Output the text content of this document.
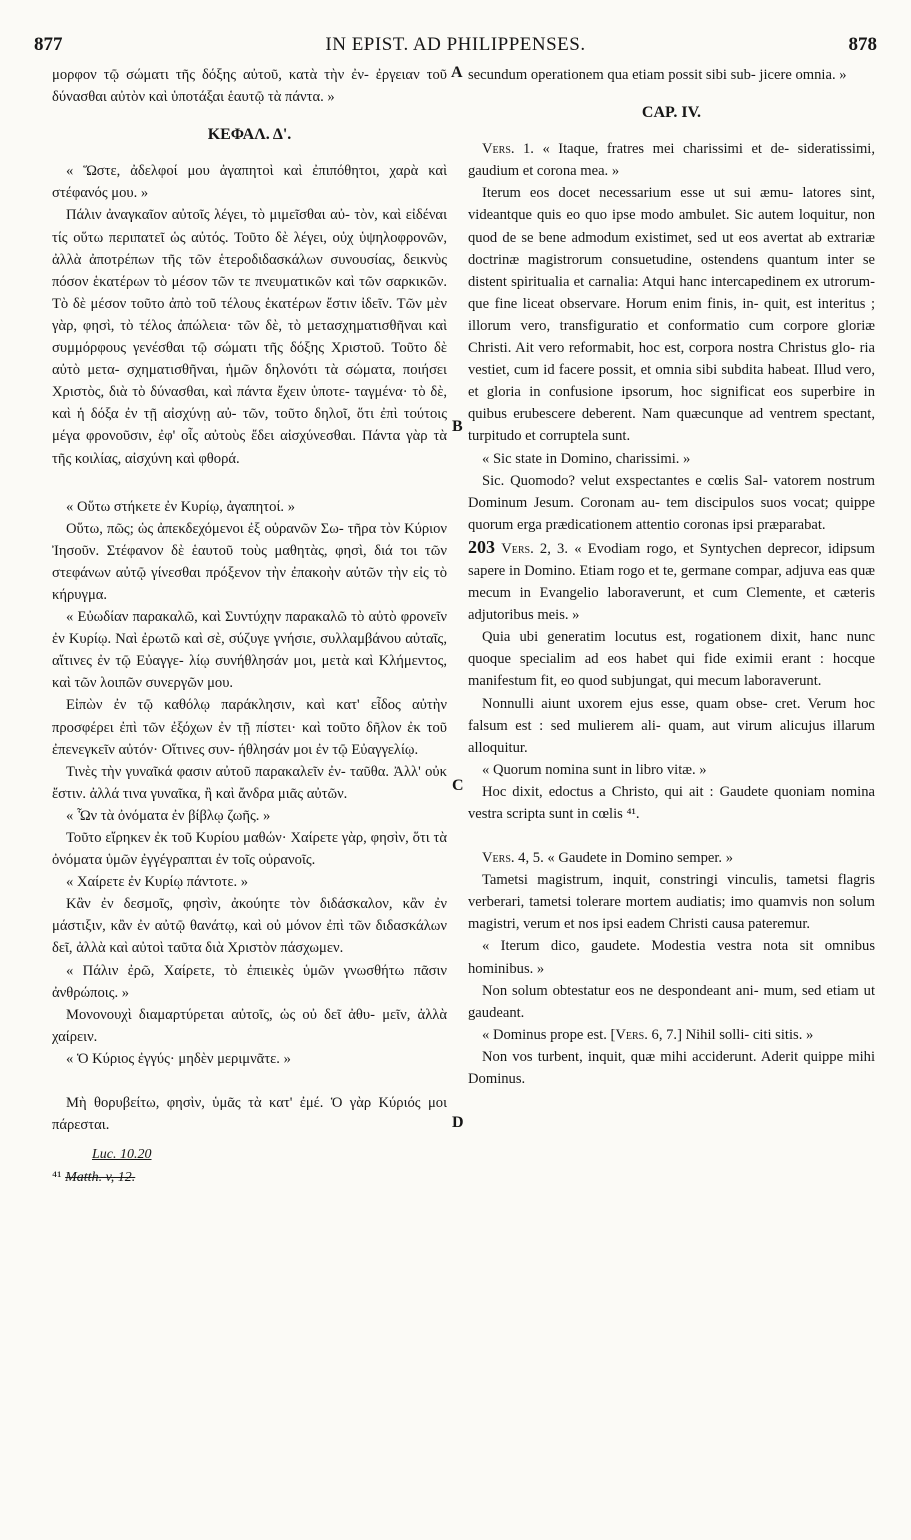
877	IN EPIST. AD PHILIPPENSES.	878
A
B
C
D

μορφον τῷ σώματι τῆς δόξης αὐτοῦ, κατὰ τὴν ἐν- ἐργειαν τοῦ δύνασθαι αὐτὸν καὶ ὑποτάξαι ἑαυτῷ τὰ πάντα. »

ΚΕΦΑΛ. Δ'.

« Ὥστε, ἀδελφοί μου ἀγαπητοὶ καὶ ἐπιπόθητοι, χαρὰ καὶ στέφανός μου. »

Πάλιν ἀναγκαῖον αὐτοῖς λέγει, τὸ μιμεῖσθαι αὐ- τὸν, καὶ εἰδέναι τίς οὕτω περιπατεῖ ὡς αὐτός. Τοῦτο δὲ λέγει, οὐχ ὑψηλοφρονῶν, ἀλλὰ ἀποτρέπων τῆς τῶν ἑτεροδιδασκάλων συνουσίας, δεικνὺς πόσον ἑκατέρων τὸ μέσον τῶν τε πνευματικῶν καὶ τῶν σαρκικῶν. Τὸ δὲ μέσον τοῦτο ἀπὸ τοῦ τέλους ἑκατέρων ἔστιν ἰδεῖν. Τῶν μὲν γὰρ, φησὶ, τὸ τέλος ἀπώλεια· τῶν δὲ, τὸ μετασχηματισθῆναι καὶ συμμόρφους γενέσθαι τῷ σώματι τῆς δόξης Χριστοῦ. Τοῦτο δὲ αὐτὸ μετα- σχηματισθῆναι, ἡμῶν δηλονότι τὰ σώματα, ποιήσει Χριστὸς, διὰ τὸ δύνασθαι, καὶ πάντα ἔχειν ὑποτε- ταγμένα· τὸ δὲ, καὶ ἡ δόξα ἐν τῇ αἰσχύνῃ αὐ- τῶν, τοῦτο δηλοῖ, ὅτι ἐπὶ τούτοις μέγα φρονοῦσιν, ἐφ' οἷς αὐτοὺς ἔδει αἰσχύνεσθαι. Πάντα γὰρ τὰ τῆς κοιλίας, αἰσχύνη καὶ φθορά.

« Οὕτω στήκετε ἐν Κυρίῳ, ἀγαπητοί. »

Οὕτω, πῶς; ὡς ἀπεκδεχόμενοι ἐξ οὐρανῶν Σω- τῆρα τὸν Κύριον Ἰησοῦν. Στέφανον δὲ ἑαυτοῦ τοὺς μαθητὰς, φησὶ, διά τοι τῶν στεφάνων αὐτῷ γίνεσθαι πρόξενον τὴν ἐπακοὴν αὐτῶν τὴν εἰς τὸ κήρυγμα.

« Εὐωδίαν παρακαλῶ, καὶ Συντύχην παρακαλῶ τὸ αὐτὸ φρονεῖν ἐν Κυρίῳ. Ναὶ ἐρωτῶ καὶ σὲ, σύζυγε γνήσιε, συλλαμβάνου αὐταῖς, αἵτινες ἐν τῷ Εὐαγγε- λίῳ συνήθλησάν μοι, μετὰ καὶ Κλήμεντος, καὶ τῶν λοιπῶν συνεργῶν μου.

Εἰπὼν ἐν τῷ καθόλῳ παράκλησιν, καὶ κατ' εἶδος αὐτὴν προσφέρει ἐπὶ τῶν ἐξόχων ἐν τῇ πίστει· καὶ τοῦτο δῆλον ἐκ τοῦ ἐπενεγκεῖν αὐτόν· Οἵτινες συν- ήθλησάν μοι ἐν τῷ Εὐαγγελίῳ.

Τινὲς τὴν γυναῖκά φασιν αὐτοῦ παρακαλεῖν ἐν- ταῦθα. Ἀλλ' οὐκ ἔστιν. ἀλλά τινα γυναῖκα, ἢ καὶ ἄνδρα μιᾶς αὐτῶν.

« Ὧν τὰ ὀνόματα ἐν βίβλῳ ζωῆς. »

Τοῦτο εἴρηκεν ἐκ τοῦ Κυρίου μαθών· Χαίρετε γὰρ, φησὶν, ὅτι τὰ ὀνόματα ὑμῶν ἐγγέγραπται ἐν τοῖς οὐρανοῖς.

« Χαίρετε ἐν Κυρίῳ πάντοτε. »

Κἂν ἐν δεσμοῖς, φησὶν, ἀκούητε τὸν διδάσκαλον, κἂν ἐν μάστιξιν, κἂν ἐν αὐτῷ θανάτῳ, καὶ οὐ μόνον ἐπὶ τῶν διδασκάλων δεῖ, ἀλλὰ καὶ αὐτοὶ ταῦτα διὰ Χριστὸν πάσχωμεν.

« Πάλιν ἐρῶ, Χαίρετε, τὸ ἐπιεικὲς ὑμῶν γνωσθήτω πᾶσιν ἀνθρώποις. »

Μονονουχὶ διαμαρτύρεται αὐτοῖς, ὡς οὐ δεῖ ἀθυ- μεῖν, ἀλλὰ χαίρειν.

« Ὁ Κύριος ἐγγύς· μηδὲν μεριμνᾶτε. »

Μὴ θορυβείτω, φησὶν, ὑμᾶς τὰ κατ' ἐμέ. Ὁ γὰρ Κύριός μοι πάρεσται.

Luc. 10.20

⁴¹ Matth. v, 12.

secundum operationem qua etiam possit sibi sub- jicere omnia. »

CAP. IV.

Vers. 1. « Itaque, fratres mei charissimi et de- sideratissimi, gaudium et corona mea. »

Iterum eos docet necessarium esse ut sui æmu- latores sint, videantque quis eo quo ipse modo ambulet. Sic autem loquitur, non quod de se bene admodum existimet, sed ut eos avertat ab extrariæ doctrinæ magistrorum consuetudine, ostendens quantum inter se distent spiritualia et carnalia: Atqui hanc intercapedinem ex utrorum- que fine liceat observare. Horum enim finis, in- quit, est interitus ; illorum vero, transfiguratio et conformatio cum corpore gloriæ Christi. Ait vero reformabit, hoc est, corpora nostra Christus glo- ria vestiet, cum id facere possit, et omnia sibi subdita habeat. Illud vero, et gloria in confusione ipsorum, hoc significat eos superbire in quibus erubescere deberent. Nam quæcunque ad ventrem spectant, turpitudo et corruptela sunt.

« Sic state in Domino, charissimi. »

Sic. Quomodo? velut exspectantes e cœlis Sal- vatorem nostrum Dominum Jesum. Coronam au- tem discipulos suos vocat; quippe quorum erga prædicationem attentio coronas ipsi præparabat.

203 Vers. 2, 3. « Evodiam rogo, et Syntychen deprecor, idipsum sapere in Domino. Etiam rogo et te, germane compar, adjuva eas quæ mecum in Evangelio laboraverunt, et cum Clemente, et cæteris adjutoribus meis. »

Quia ubi generatim locutus est, rogationem dixit, hanc nunc quoque specialim ad eos habet qui fide eximii erant : hocque manifestum fit, eo quod subjungat, qui mecum laboraverunt.

Nonnulli aiunt uxorem ejus esse, quam obse- cret. Verum hoc falsum est : sed mulierem ali- quam, aut virum alicujus illarum alloquitur.

« Quorum nomina sunt in libro vitæ. »

Hoc dixit, edoctus a Christo, qui ait : Gaudete quoniam nomina vestra scripta sunt in cœlis ⁴¹.

Vers. 4, 5. « Gaudete in Domino semper. »

Tametsi magistrum, inquit, constringi vinculis, tametsi flagris verberari, tametsi tolerare mortem audiatis; imo quamvis non solum magistri, verum et nos ipsi eadem Christi causa pateremur.

« Iterum dico, gaudete. Modestia vestra nota sit omnibus hominibus. »

Non solum obtestatur eos ne despondeant ani- mum, sed etiam ut gaudeant.

« Dominus prope est. [Vers. 6, 7.] Nihil solli- citi sitis. »

Non vos turbent, inquit, quæ mihi acciderunt. Aderit quippe mihi Dominus.
